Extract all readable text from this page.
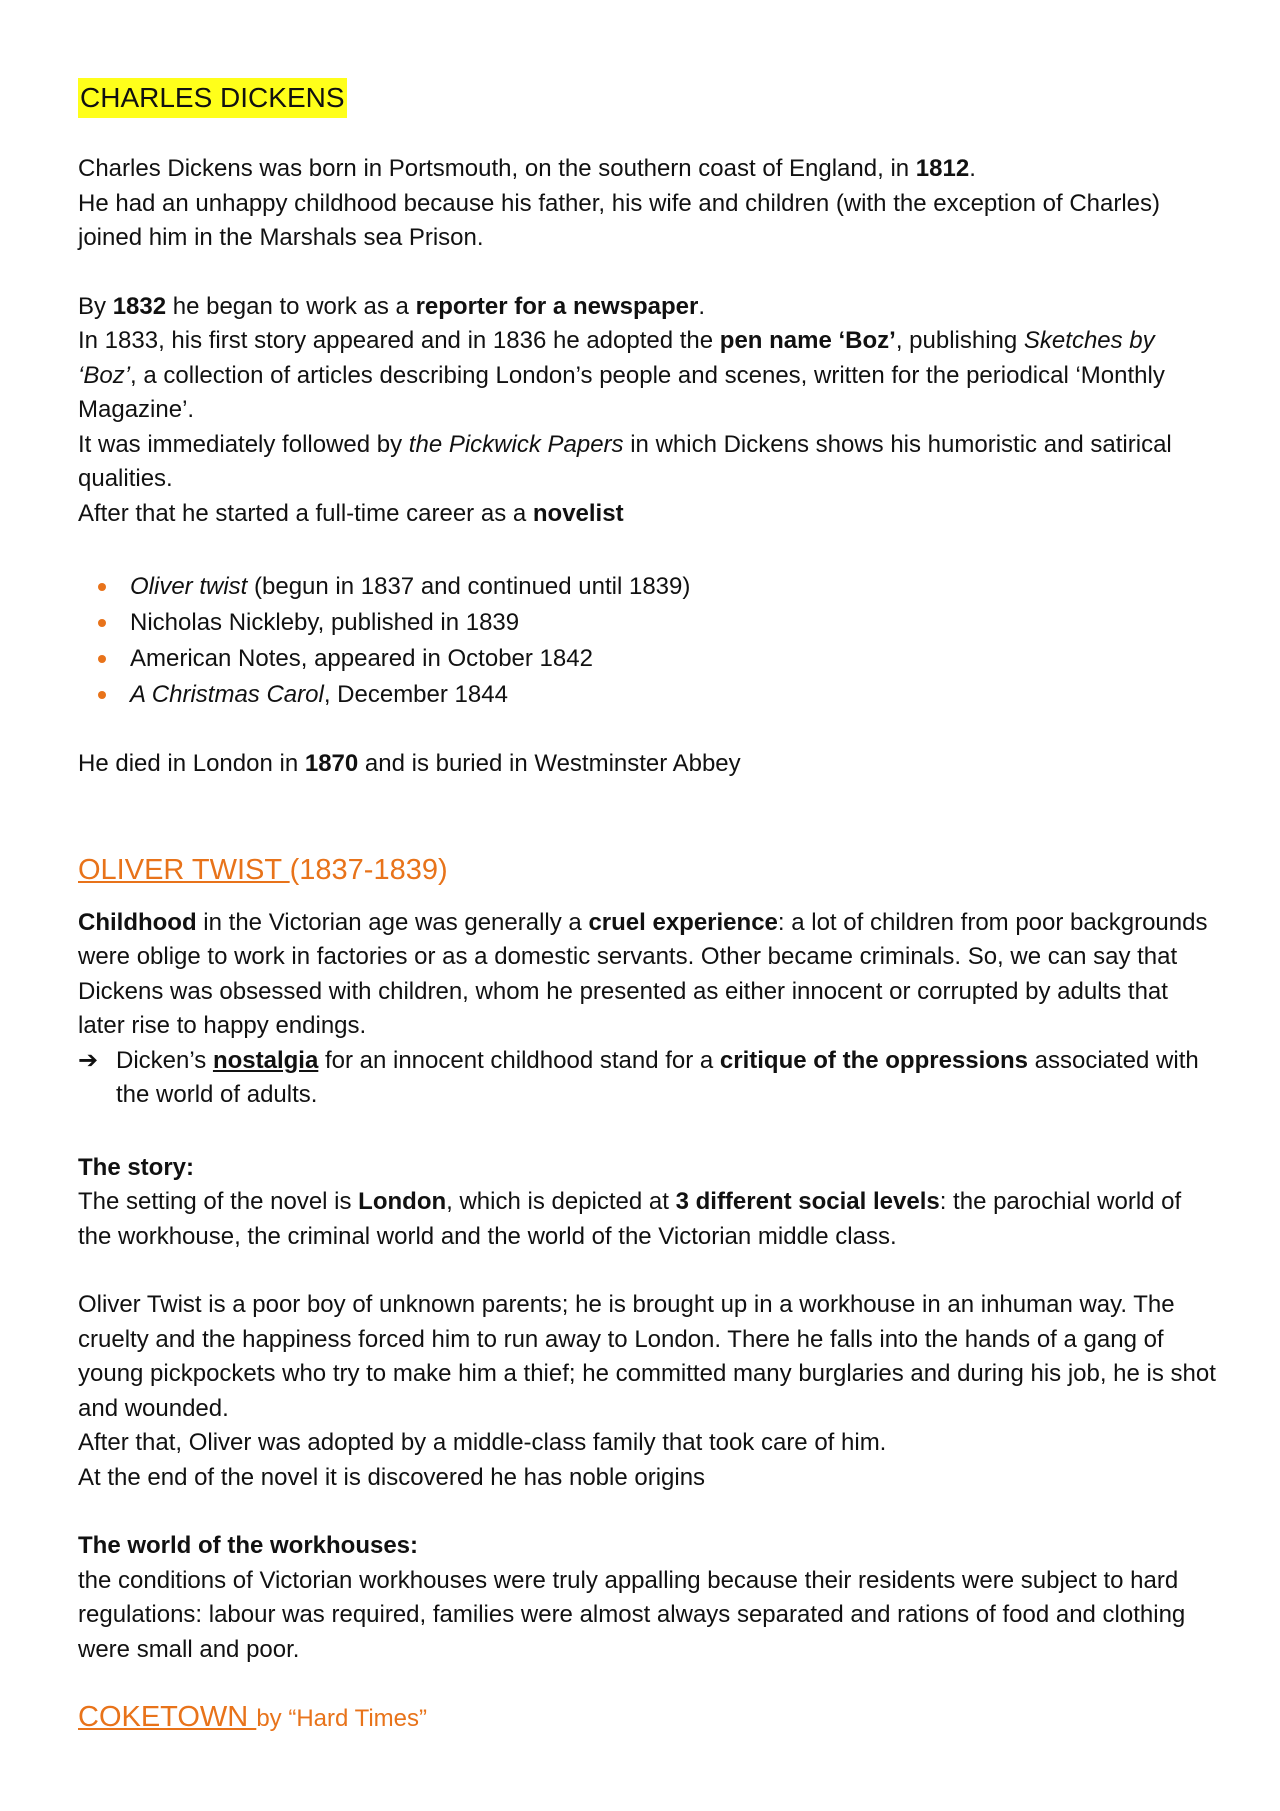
CHARLES DICKENS

Charles Dickens was born in Portsmouth, on the southern coast of England, in 1812.

He had an unhappy childhood because his father, his wife and children (with the exception of Charles) joined him in the Marshals sea Prison.

By 1832 he began to work as a reporter for a newspaper.

In 1833, his first story appeared and in 1836 he adopted the pen name ‘Boz’, publishing Sketches by ‘Boz’, a collection of articles describing London’s people and scenes, written for the periodical ‘Monthly Magazine’.

It was immediately followed by the Pickwick Papers in which Dickens shows his humoristic and satirical qualities.

After that he started a full-time career as a novelist

Oliver twist (begun in 1837 and continued until 1839)
Nicholas Nickleby, published in 1839
American Notes, appeared in October 1842
A Christmas Carol, December 1844

He died in London in 1870 and is buried in Westminster Abbey

OLIVER TWIST (1837-1839)

Childhood in the Victorian age was generally a cruel experience: a lot of children from poor backgrounds were oblige to work in factories or as a domestic servants. Other became criminals. So, we can say that Dickens was obsessed with children, whom he presented as either innocent or corrupted by adults that later rise to happy endings.

➔ Dicken’s nostalgia for an innocent childhood stand for a critique of the oppressions associated with the world of adults.

The story:

The setting of the novel is London, which is depicted at 3 different social levels: the parochial world of the workhouse, the criminal world and the world of the Victorian middle class.

Oliver Twist is a poor boy of unknown parents; he is brought up in a workhouse in an inhuman way. The cruelty and the happiness forced him to run away to London. There he falls into the hands of a gang of young pickpockets who try to make him a thief; he committed many burglaries and during his job, he is shot and wounded.

After that, Oliver was adopted by a middle-class family that took care of him.

At the end of the novel it is discovered he has noble origins

The world of the workhouses:

the conditions of Victorian workhouses were truly appalling because their residents were subject to hard regulations: labour was required, families were almost always separated and rations of food and clothing were small and poor.

COKETOWN by “Hard Times”
